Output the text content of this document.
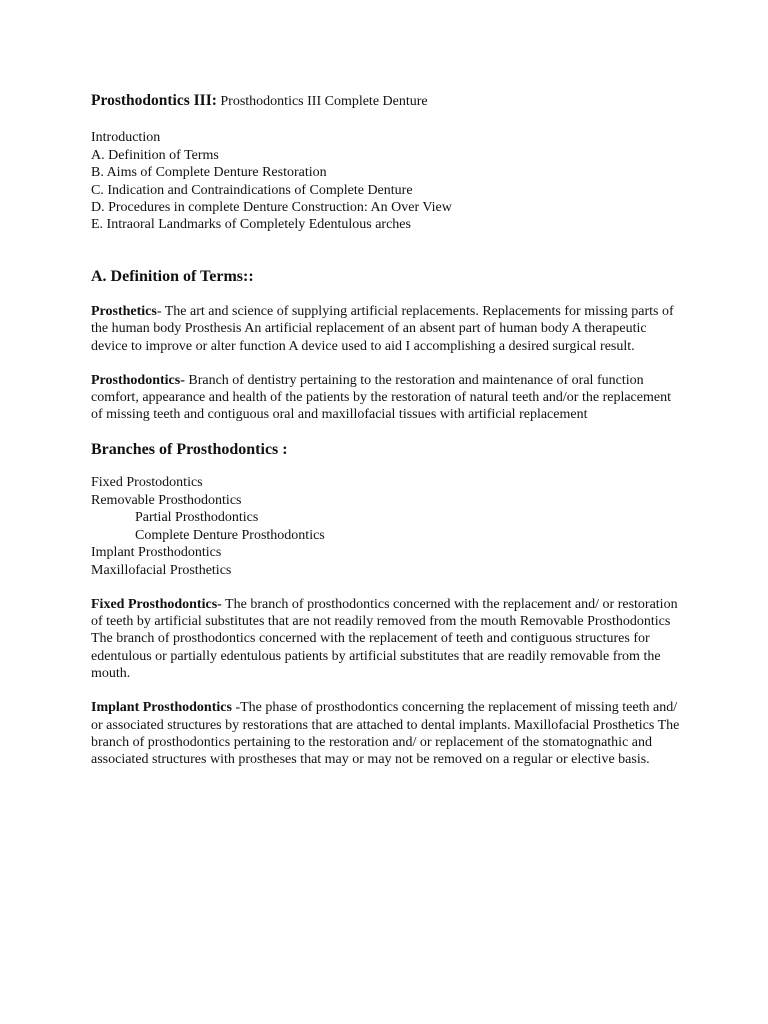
Prosthodontics III: Prosthodontics III Complete Denture

Introduction
A. Definition of Terms
B. Aims of Complete Denture Restoration
C. Indication and Contraindications of Complete Denture
D. Procedures in complete Denture Construction: An Over View
E. Intraoral Landmarks of Completely Edentulous arches
A. Definition of Terms::

Prosthetics- The art and science of supplying artificial replacements. Replacements for missing parts of the human body Prosthesis An artificial replacement of an absent part of human body A therapeutic device to improve or alter function A device used to aid I accomplishing a desired surgical result.

Prosthodontics- Branch of dentistry pertaining to the restoration and maintenance of oral function comfort, appearance and health of the patients by the restoration of natural teeth and/or the replacement of missing teeth and contiguous oral and maxillofacial tissues with artificial replacement

Branches of Prosthodontics :
Fixed Prostodontics
Removable Prosthodontics
Partial Prosthodontics
Complete Denture Prosthodontics
Implant Prosthodontics
Maxillofacial Prosthetics

Fixed Prosthodontics- The branch of prosthodontics concerned with the replacement and/ or restoration of teeth by artificial substitutes that are not readily removed from the mouth Removable Prosthodontics The branch of prosthodontics concerned with the replacement of teeth and contiguous structures for edentulous or partially edentulous patients by artificial substitutes that are readily removable from the mouth.

Implant Prosthodontics -The phase of prosthodontics concerning the replacement of missing teeth and/ or associated structures by restorations that are attached to dental implants. Maxillofacial Prosthetics The branch of prosthodontics pertaining to the restoration and/ or replacement of the stomatognathic and associated structures with prostheses that may or may not be removed on a regular or elective basis.
